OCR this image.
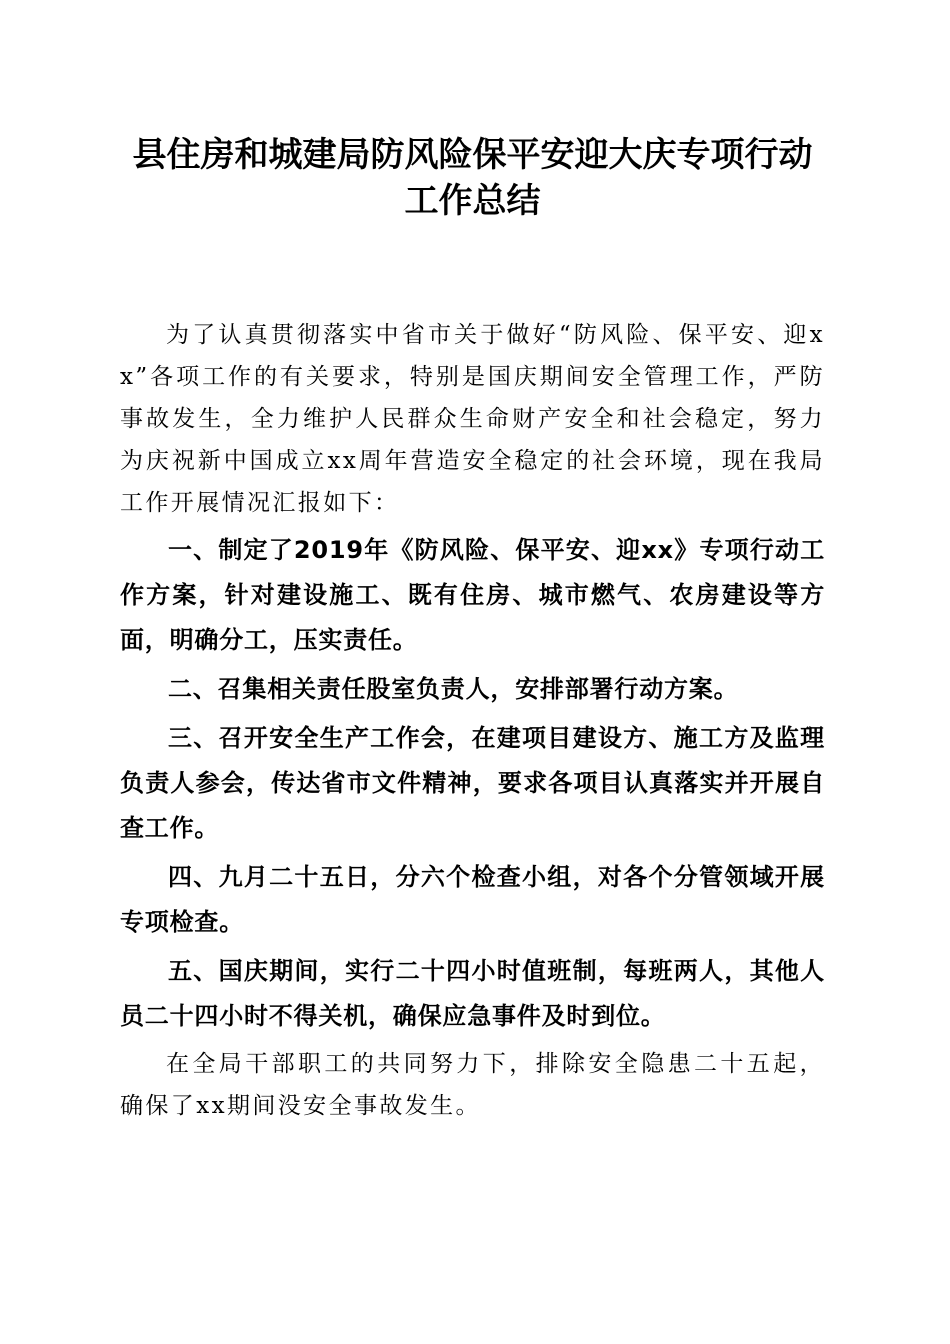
县住房和城建局防风险保平安迎大庆专项行动
工作总结

为了认真贯彻落实中省市关于做好“防风险、保平安、迎xx”各项工作的有关要求，特别是国庆期间安全管理工作，严防事故发生，全力维护人民群众生命财产安全和社会稳定，努力为庆祝新中国成立xx周年营造安全稳定的社会环境，现在我局工作开展情况汇报如下：

一、制定了2019年《防风险、保平安、迎xx》专项行动工作方案，针对建设施工、既有住房、城市燃气、农房建设等方面，明确分工，压实责任。

二、召集相关责任股室负责人，安排部署行动方案。

三、召开安全生产工作会，在建项目建设方、施工方及监理负责人参会，传达省市文件精神，要求各项目认真落实并开展自查工作。

四、九月二十五日，分六个检查小组，对各个分管领域开展专项检查。

五、国庆期间，实行二十四小时值班制，每班两人，其他人员二十四小时不得关机，确保应急事件及时到位。

在全局干部职工的共同努力下，排除安全隐患二十五起，确保了xx期间没安全事故发生。
